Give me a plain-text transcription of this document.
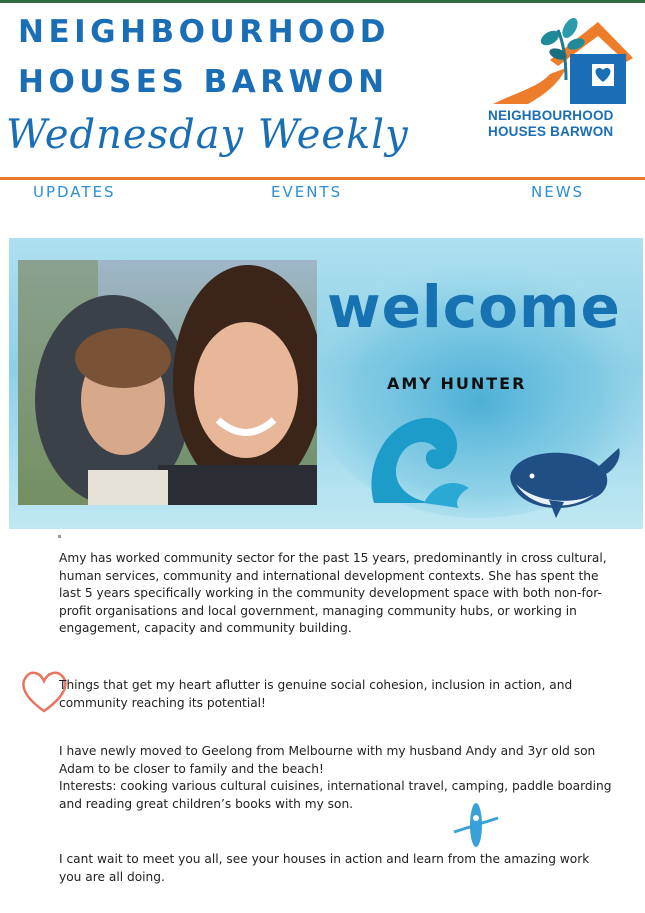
NEIGHBOURHOOD
HOUSES BARWON
Wednesday Weekly	NEIGHBOURHOOD
HOUSES BARWON
UPDATES	EVENTS	NEWS
welcome
AMY HUNTER

Amy has worked community sector for the past 15 years, predominantly in cross cultural, human services, community and international development contexts. She has spent the last 5 years specifically working in the community development space with both non-for-profit organisations and local government, managing community hubs, or working in engagement, capacity and community building.

Things that get my heart aflutter is genuine social cohesion, inclusion in action, and community reaching its potential!

I have newly moved to Geelong from Melbourne with my husband Andy and 3yr old son Adam to be closer to family and the beach!
Interests: cooking various cultural cuisines, international travel, camping, paddle boarding and reading great children’s books with my son.

I cant wait to meet you all, see your houses in action and learn from the amazing work you are all doing.
